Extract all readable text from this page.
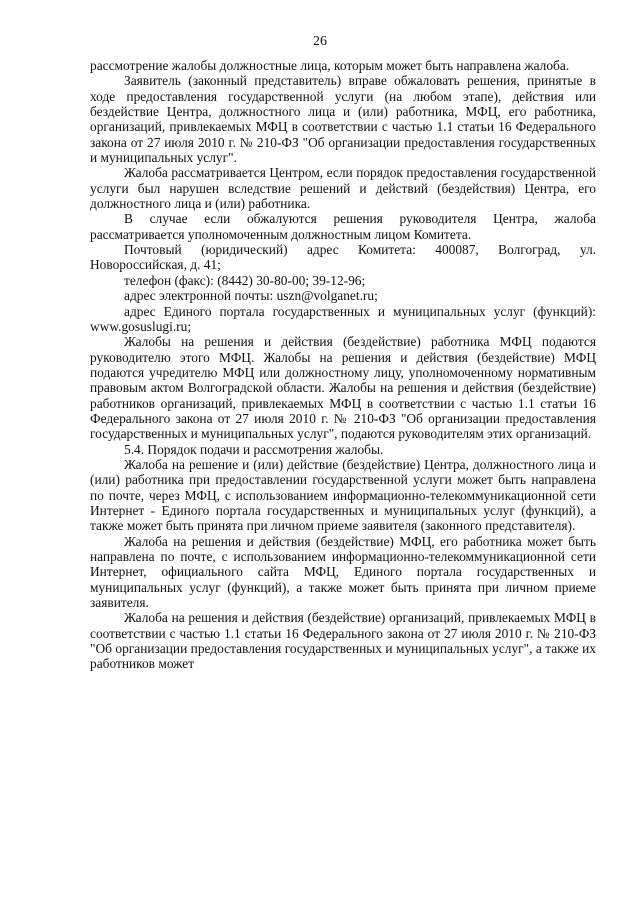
26

рассмотрение жалобы должностные лица, которым может быть направлена жалоба.

Заявитель (законный представитель) вправе обжаловать решения, принятые в ходе предоставления государственной услуги (на любом этапе), действия или бездействие Центра, должностного лица и (или) работника, МФЦ, его работника, организаций, привлекаемых МФЦ в соответствии с частью 1.1 статьи 16 Федерального закона от 27 июля 2010 г. № 210-ФЗ "Об организации предоставления государственных и муниципальных услуг".

Жалоба рассматривается Центром, если порядок предоставления государственной услуги был нарушен вследствие решений и действий (бездействия) Центра, его должностного лица и (или) работника.

В случае если обжалуются решения руководителя Центра, жалоба рассматривается уполномоченным должностным лицом Комитета.

Почтовый (юридический) адрес Комитета: 400087, Волгоград, ул. Новороссийская, д. 41;

телефон (факс): (8442) 30-80-00; 39-12-96;

адрес электронной почты: uszn@volganet.ru;

адрес Единого портала государственных и муниципальных услуг (функций): www.gosuslugi.ru;

Жалобы на решения и действия (бездействие) работника МФЦ подаются руководителю этого МФЦ. Жалобы на решения и действия (бездействие) МФЦ подаются учредителю МФЦ или должностному лицу, уполномоченному нормативным правовым актом Волгоградской области. Жалобы на решения и действия (бездействие) работников организаций, привлекаемых МФЦ в соответствии с частью 1.1 статьи 16 Федерального закона от 27 июля 2010 г. № 210-ФЗ "Об организации предоставления государственных и муниципальных услуг", подаются руководителям этих организаций.

5.4. Порядок подачи и рассмотрения жалобы.

Жалоба на решение и (или) действие (бездействие) Центра, должностного лица и (или) работника при предоставлении государственной услуги может быть направлена по почте, через МФЦ, с использованием информационно-телекоммуникационной сети Интернет - Единого портала государственных и муниципальных услуг (функций), а также может быть принята при личном приеме заявителя (законного представителя).

Жалоба на решения и действия (бездействие) МФЦ, его работника может быть направлена по почте, с использованием информационно-телекоммуникационной сети Интернет, официального сайта МФЦ, Единого портала государственных и муниципальных услуг (функций), а также может быть принята при личном приеме заявителя.

Жалоба на решения и действия (бездействие) организаций, привлекаемых МФЦ в соответствии с частью 1.1 статьи 16 Федерального закона от 27 июля 2010 г. № 210-ФЗ "Об организации предоставления государственных и муниципальных услуг", а также их работников может
